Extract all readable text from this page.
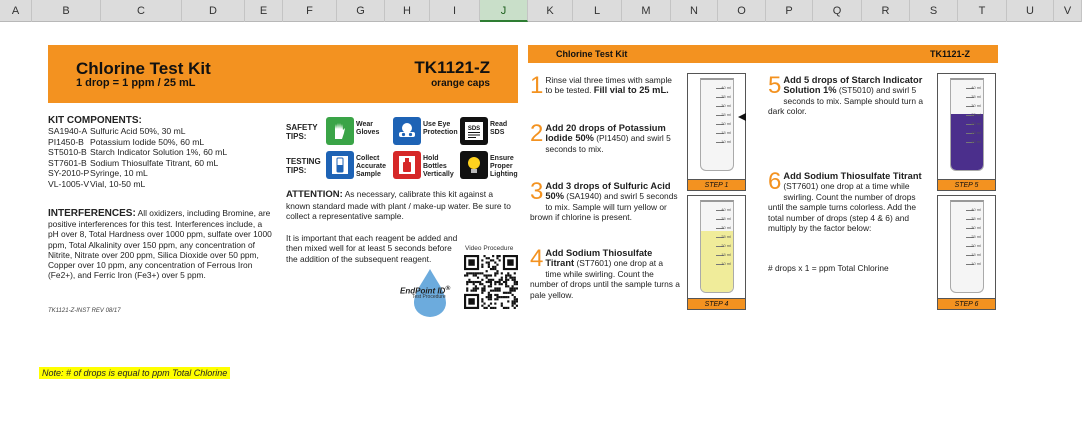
A	B	C	D	E	F	G	H	I	J	K	L	M	N	O	P	Q	R	S	T	U	V
Chlorine Test Kit
1 drop = 1 ppm / 25 mL
TK1121-Z
orange caps
KIT COMPONENTS:
SA1940-A Sulfuric Acid 50%, 30 mL
PI1450-B Potassium Iodide 50%, 60 mL
ST5010-B Starch Indicator Solution 1%, 60 mL
ST7601-B Sodium Thiosulfate Titrant, 60 mL
SY-2010-P Syringe, 10 mL
VL-1005-V Vial, 10-50 mL
INTERFERENCES: All oxidizers, including Bromine, are positive interferences for this test. Interferences include, a pH over 8, Total Hardness over 1000 ppm, sulfate over 1000 ppm, Total Alkalinity over 150 ppm, any concentration of Nitrite, Nitrate over 200 ppm, Silica Dioxide over 50 ppm, Copper over 10 ppm, any concentration of Ferrous Iron (Fe2+), and Ferric Iron (Fe3+) over 5 ppm.
TK1121-Z-INST REV 08/17
SAFETY
TIPS:
Wear
Gloves
Use Eye
Protection
SDS
Read
SDS
TESTING
TIPS:
Collect
Accurate
Sample
Hold
Bottles
Vertically
Ensure
Proper
Lighting
ATTENTION: As necessary, calibrate this kit against a known standard made with plant / make-up water. Be sure to collect a representative sample.
It is important that each reagent be added and then mixed well for at least 5 seconds before the addition of the subsequent reagent.
EndPoint ID®
Test Procedure
Video Procedure
Chlorine Test Kit	TK1121-Z
1 Rinse vial three times with sample to be tested. Fill vial to 25 mL.
2 Add 20 drops of Potassium Iodide 50% (PI1450) and swirl 5 seconds to mix.
3 Add 3 drops of Sulfuric Acid 50% (SA1940) and swirl 5 seconds to mix. Sample will turn yellow or brown if chlorine is present.
4 Add Sodium Thiosulfate Titrant (ST7601) one drop at a time while swirling. Count the number of drops until the sample turns a pale yellow.
5 Add 5 drops of Starch Indicator Solution 1% (ST5010) and swirl 5 seconds to mix. Sample should turn a dark color.
6 Add Sodium Thiosulfate Titrant (ST7601) one drop at a time while swirling. Count the number of drops until the sample turns colorless. Add the total number of drops (step 4 & 6) and multiply by the factor below:
# drops x 1 = ppm Total Chlorine
40 ml
35 ml
30 ml
25 ml
20 ml
15 ml
10 ml
STEP 1
40 ml
35 ml
30 ml
25 ml
20 ml
15 ml
10 ml
STEP 4
40 ml
35 ml
30 ml
25 ml
20 ml
15 ml
10 ml
STEP 5
40 ml
35 ml
30 ml
25 ml
20 ml
15 ml
10 ml
STEP 6
Note: # of drops is equal to ppm Total Chlorine
